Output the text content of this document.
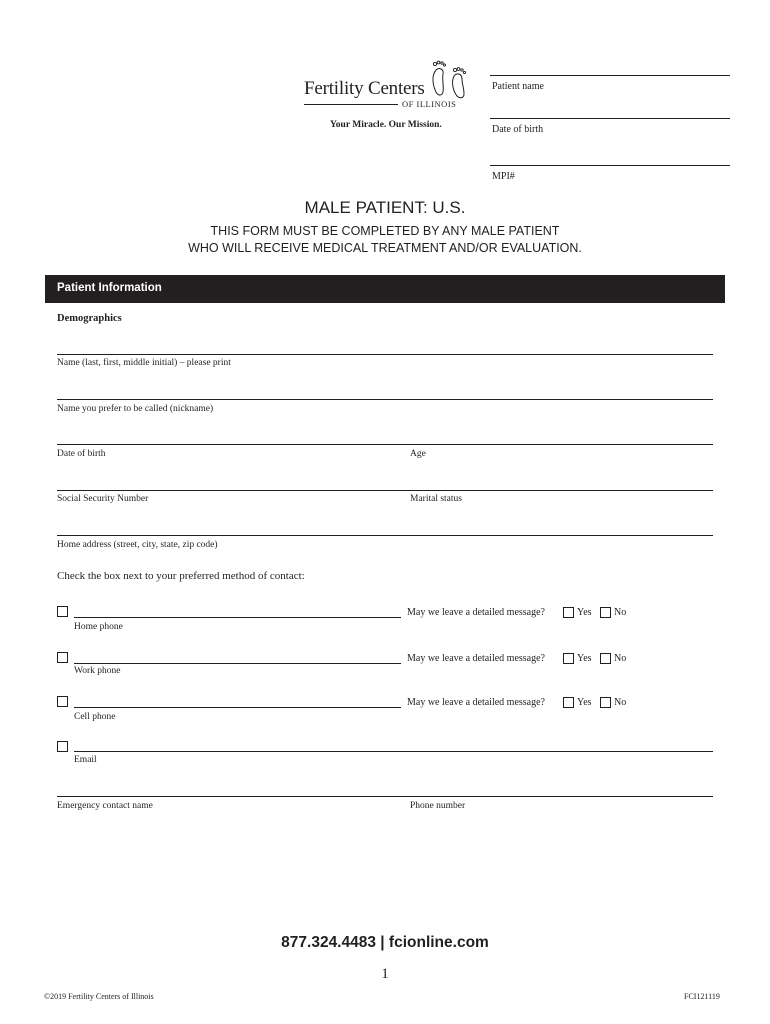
Fertility Centers
OF ILLINOIS
Your Miracle. Our Mission.
Patient name
Date of birth
MPI#
MALE PATIENT: U.S.
THIS FORM MUST BE COMPLETED BY ANY MALE PATIENT
WHO WILL RECEIVE MEDICAL TREATMENT AND/OR EVALUATION.
Patient Information
Demographics
Name (last, first, middle initial) – please print
Name you prefer to be called (nickname)
Date of birth	Age
Social Security Number	Marital status
Home address (street, city, state, zip code)
Check the box next to your preferred method of contact:
Home phone
May we leave a detailed message?	Yes No
Work phone
May we leave a detailed message?	Yes No
Cell phone
May we leave a detailed message?	Yes No
Email
Emergency contact name	Phone number
877.324.4483 | fcionline.com
1
©2019 Fertility Centers of Illinois	FCI121119
